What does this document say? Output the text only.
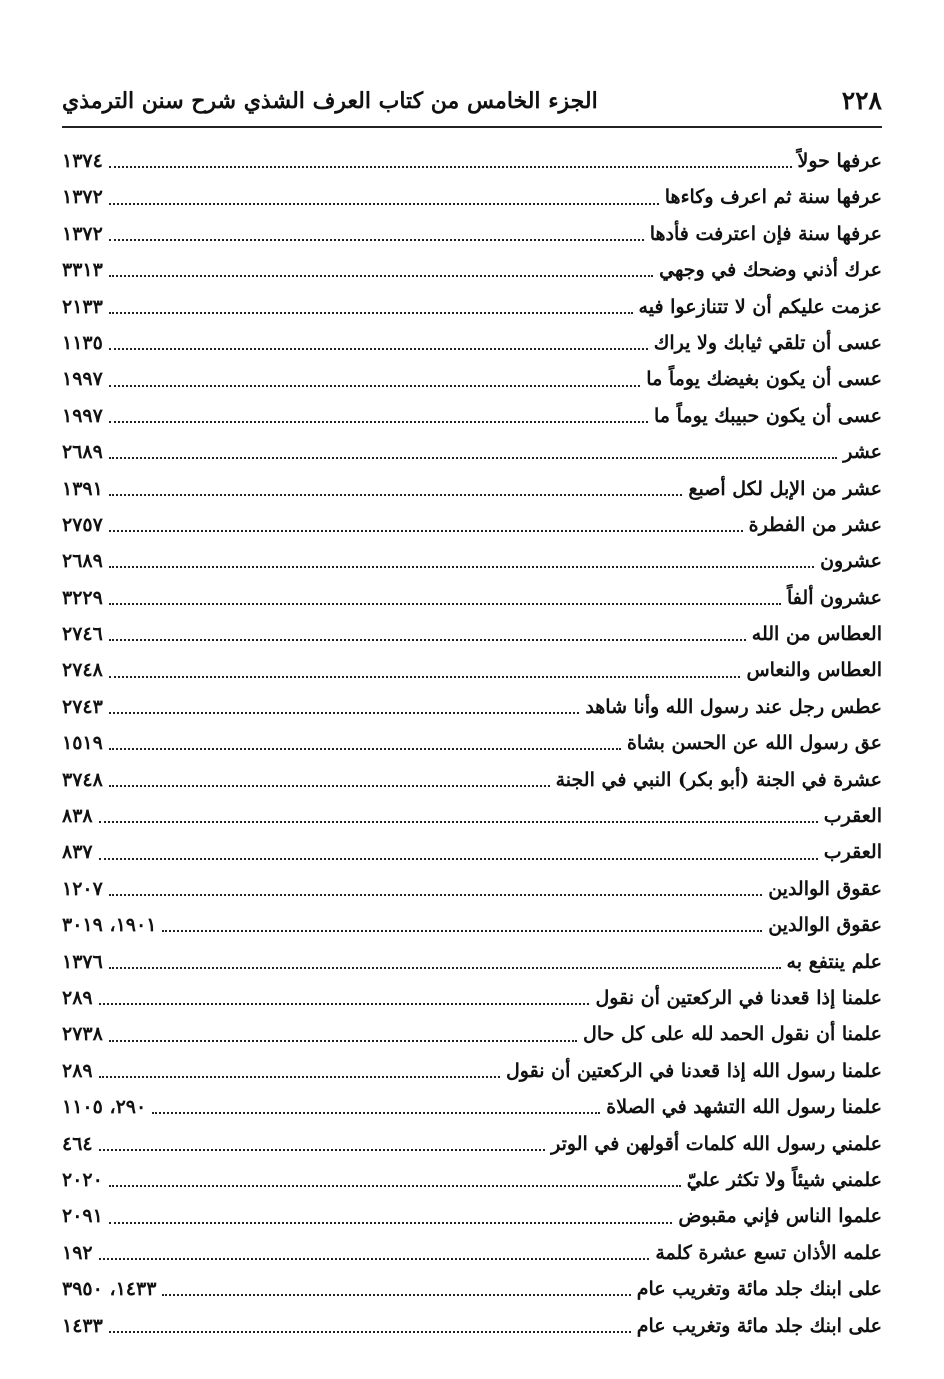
٢٢٨
الجزء الخامس من كتاب العرف الشذي شرح سنن الترمذي
عرفها حولاً
١٣٧٤
عرفها سنة ثم اعرف وكاءها
١٣٧٢
عرفها سنة فإن اعترفت فأدها
١٣٧٢
عرك أذني وضحك في وجهي
٣٣١٣
عزمت عليكم أن لا تتنازعوا فيه
٢١٣٣
عسى أن تلقي ثيابك ولا يراك
١١٣٥
عسى أن يكون بغيضك يوماً ما
١٩٩٧
عسى أن يكون حبيبك يوماً ما
١٩٩٧
عشر
٢٦٨٩
عشر من الإبل لكل أصبع
١٣٩١
عشر من الفطرة
٢٧٥٧
عشرون
٢٦٨٩
عشرون ألفاً
٣٢٢٩
العطاس من الله
٢٧٤٦
العطاس والنعاس
٢٧٤٨
عطس رجل عند رسول الله وأنا شاهد
٢٧٤٣
عق رسول الله عن الحسن بشاة
١٥١٩
عشرة في الجنة (أبو بكر) النبي في الجنة
٣٧٤٨
العقرب
٨٣٨
العقرب
٨٣٧
عقوق الوالدين
١٢٠٧
عقوق الوالدين
١٩٠١، ٣٠١٩
علم ينتفع به
١٣٧٦
علمنا إذا قعدنا في الركعتين أن نقول
٢٨٩
علمنا أن نقول الحمد لله على كل حال
٢٧٣٨
علمنا رسول الله إذا قعدنا في الركعتين أن نقول
٢٨٩
علمنا رسول الله التشهد في الصلاة
٢٩٠، ١١٠٥
علمني رسول الله كلمات أقولهن في الوتر
٤٦٤
علمني شيئاً ولا تكثر عليّ
٢٠٢٠
علموا الناس فإني مقبوض
٢٠٩١
علمه الأذان تسع عشرة كلمة
١٩٢
على ابنك جلد مائة وتغريب عام
١٤٣٣، ٣٩٥٠
على ابنك جلد مائة وتغريب عام
١٤٣٣
